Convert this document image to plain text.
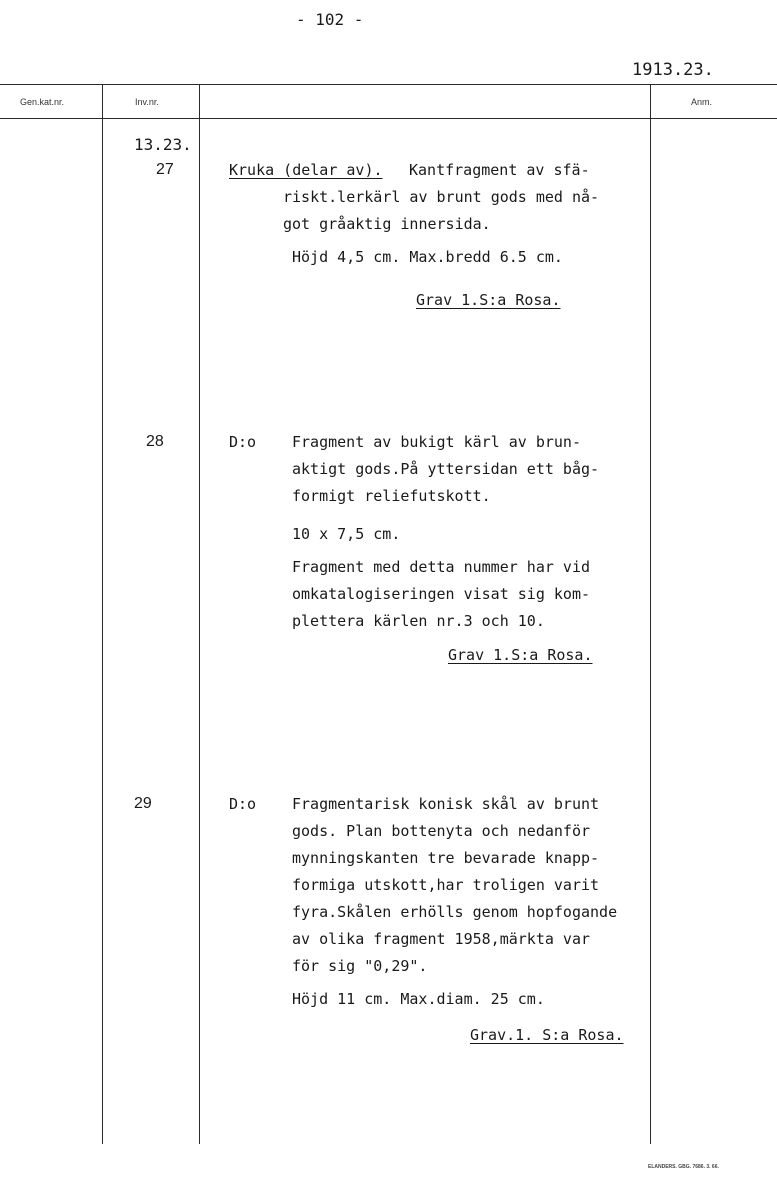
- 102 -
1913.23.
Gen.kat.nr.	Inv.nr.	Anm.
13.23.
27	Kruka (delar av). Kantfragment av sfä-
riskt.lerkärl av brunt gods med nå-
got gråaktig innersida.
Höjd 4,5 cm. Max.bredd 6.5 cm.
Grav 1.S:a Rosa.
28	D:o Fragment av bukigt kärl av brun-
aktigt gods.På yttersidan ett båg-
formigt reliefutskott.
10 x 7,5 cm.
Fragment med detta nummer har vid
omkatalogiseringen visat sig kom-
plettera kärlen nr.3 och 10.
Grav 1.S:a Rosa.
29	D:o Fragmentarisk konisk skål av brunt
gods. Plan bottenyta och nedanför
mynningskanten tre bevarade knapp-
formiga utskott,har troligen varit
fyra.Skålen erhölls genom hopfogande
av olika fragment 1958,märkta var
för sig "0,29".
Höjd 11 cm. Max.diam. 25 cm.
Grav.1. S:a Rosa.
ELANDERS. GBG. 7686. 3. 66.
